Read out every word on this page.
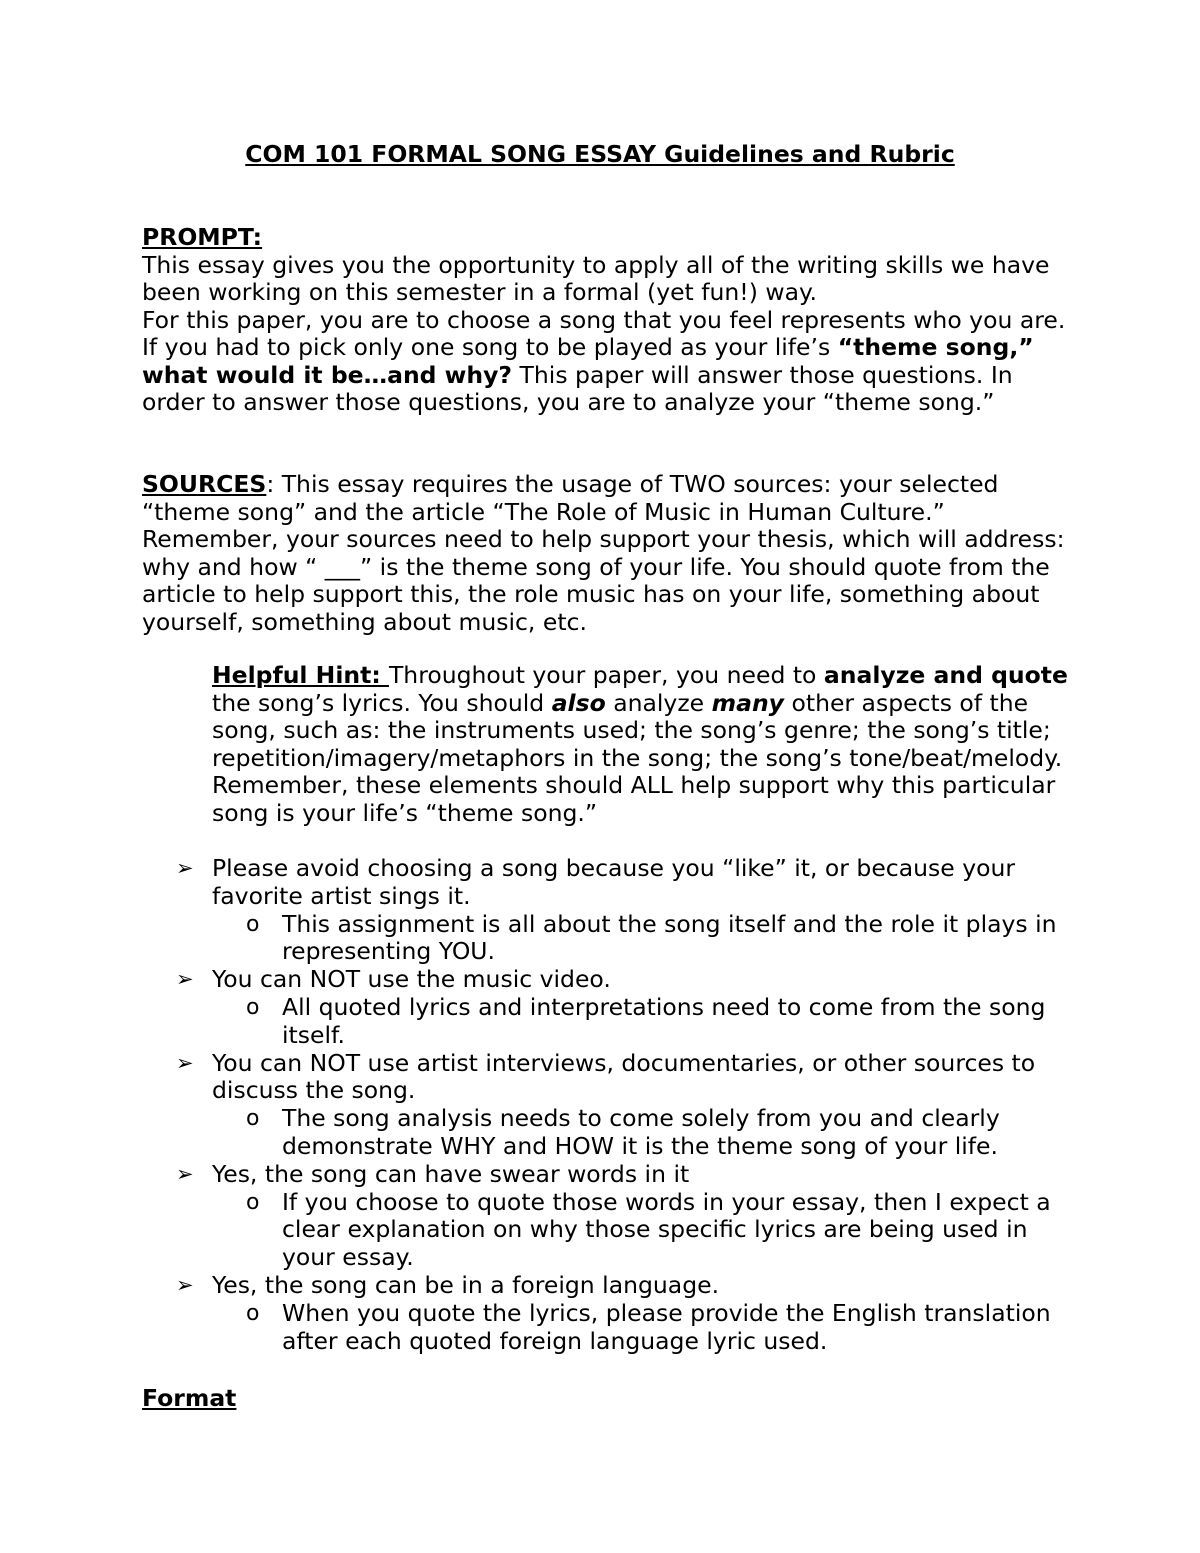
COM 101 FORMAL SONG ESSAY Guidelines and Rubric

PROMPT:
This essay gives you the opportunity to apply all of the writing skills we have been working on this semester in a formal (yet fun!) way.
For this paper, you are to choose a song that you feel represents who you are. If you had to pick only one song to be played as your life’s “theme song,” what would it be…and why? This paper will answer those questions. In order to answer those questions, you are to analyze your “theme song.”

SOURCES: This essay requires the usage of TWO sources: your selected “theme song” and the article “The Role of Music in Human Culture.” Remember, your sources need to help support your thesis, which will address: why and how “ ___” is the theme song of your life. You should quote from the article to help support this, the role music has on your life, something about yourself, something about music, etc.

Helpful Hint: Throughout your paper, you need to analyze and quote the song’s lyrics. You should also analyze many other aspects of the song, such as: the instruments used; the song’s genre; the song’s title; repetition/imagery/metaphors in the song; the song’s tone/beat/melody. Remember, these elements should ALL help support why this particular song is your life’s “theme song.”

➢ Please avoid choosing a song because you “like” it, or because your
favorite artist sings it.
o This assignment is all about the song itself and the role it plays in
representing YOU.
➢ You can NOT use the music video.
o All quoted lyrics and interpretations need to come from the song
itself.
➢ You can NOT use artist interviews, documentaries, or other sources to
discuss the song.
o The song analysis needs to come solely from you and clearly
demonstrate WHY and HOW it is the theme song of your life.
➢ Yes, the song can have swear words in it
o If you choose to quote those words in your essay, then I expect a
clear explanation on why those specific lyrics are being used in
your essay.
➢ Yes, the song can be in a foreign language.
o When you quote the lyrics, please provide the English translation
after each quoted foreign language lyric used.
Format
